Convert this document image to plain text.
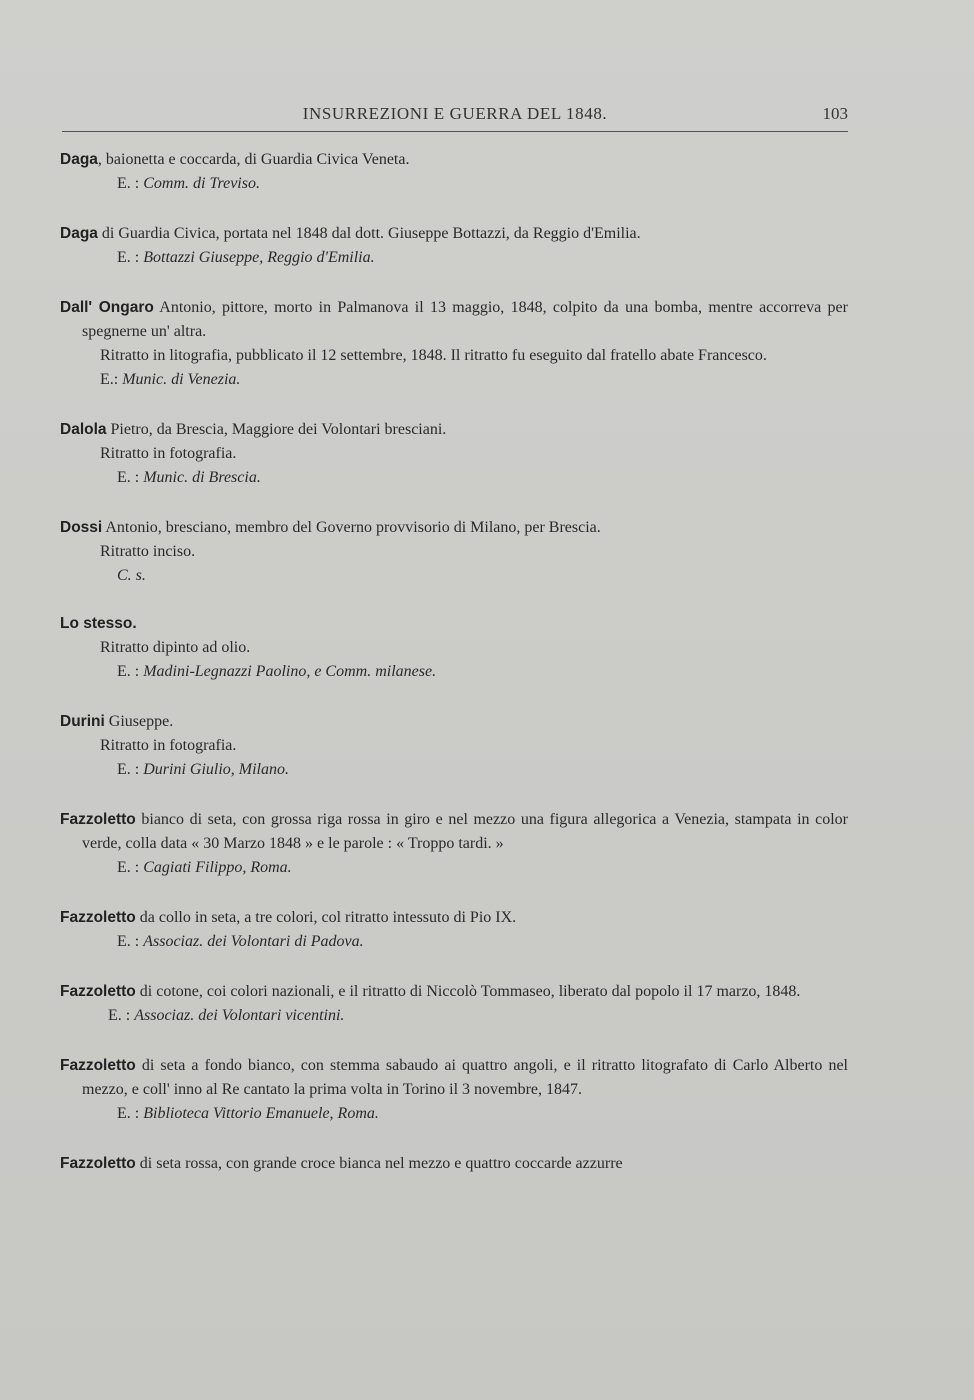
INSURREZIONI E GUERRA DEL 1848.	103

Daga, baionetta e coccarda, di Guardia Civica Veneta.

E. : Comm. di Treviso.

Daga di Guardia Civica, portata nel 1848 dal dott. Giuseppe Bottazzi, da Reggio d'Emilia.

E. : Bottazzi Giuseppe, Reggio d'Emilia.

Dall' Ongaro Antonio, pittore, morto in Palmanova il 13 maggio, 1848, colpito da una bomba, mentre accorreva per spegnerne un' altra.

Ritratto in litografia, pubblicato il 12 settembre, 1848. Il ritratto fu eseguito dal fratello abate Francesco.

E.: Munic. di Venezia.

Dalola Pietro, da Brescia, Maggiore dei Volontari bresciani.

Ritratto in fotografia.

E. : Munic. di Brescia.

Dossi Antonio, bresciano, membro del Governo provvisorio di Milano, per Brescia.

Ritratto inciso.

C. s.

Lo stesso.

Ritratto dipinto ad olio.

E. : Madini-Legnazzi Paolino, e Comm. milanese.

Durini Giuseppe.

Ritratto in fotografia.

E. : Durini Giulio, Milano.

Fazzoletto bianco di seta, con grossa riga rossa in giro e nel mezzo una figura allegorica a Venezia, stampata in color verde, colla data « 30 Marzo 1848 » e le parole : « Troppo tardi. »

E. : Cagiati Filippo, Roma.

Fazzoletto da collo in seta, a tre colori, col ritratto intessuto di Pio IX.

E. : Associaz. dei Volontari di Padova.

Fazzoletto di cotone, coi colori nazionali, e il ritratto di Niccolò Tommaseo, liberato dal popolo il 17 marzo, 1848.

E. : Associaz. dei Volontari vicentini.

Fazzoletto di seta a fondo bianco, con stemma sabaudo ai quattro angoli, e il ritratto litografato di Carlo Alberto nel mezzo, e coll' inno al Re cantato la prima volta in Torino il 3 novembre, 1847.

E. : Biblioteca Vittorio Emanuele, Roma.

Fazzoletto di seta rossa, con grande croce bianca nel mezzo e quattro coccarde azzurre
